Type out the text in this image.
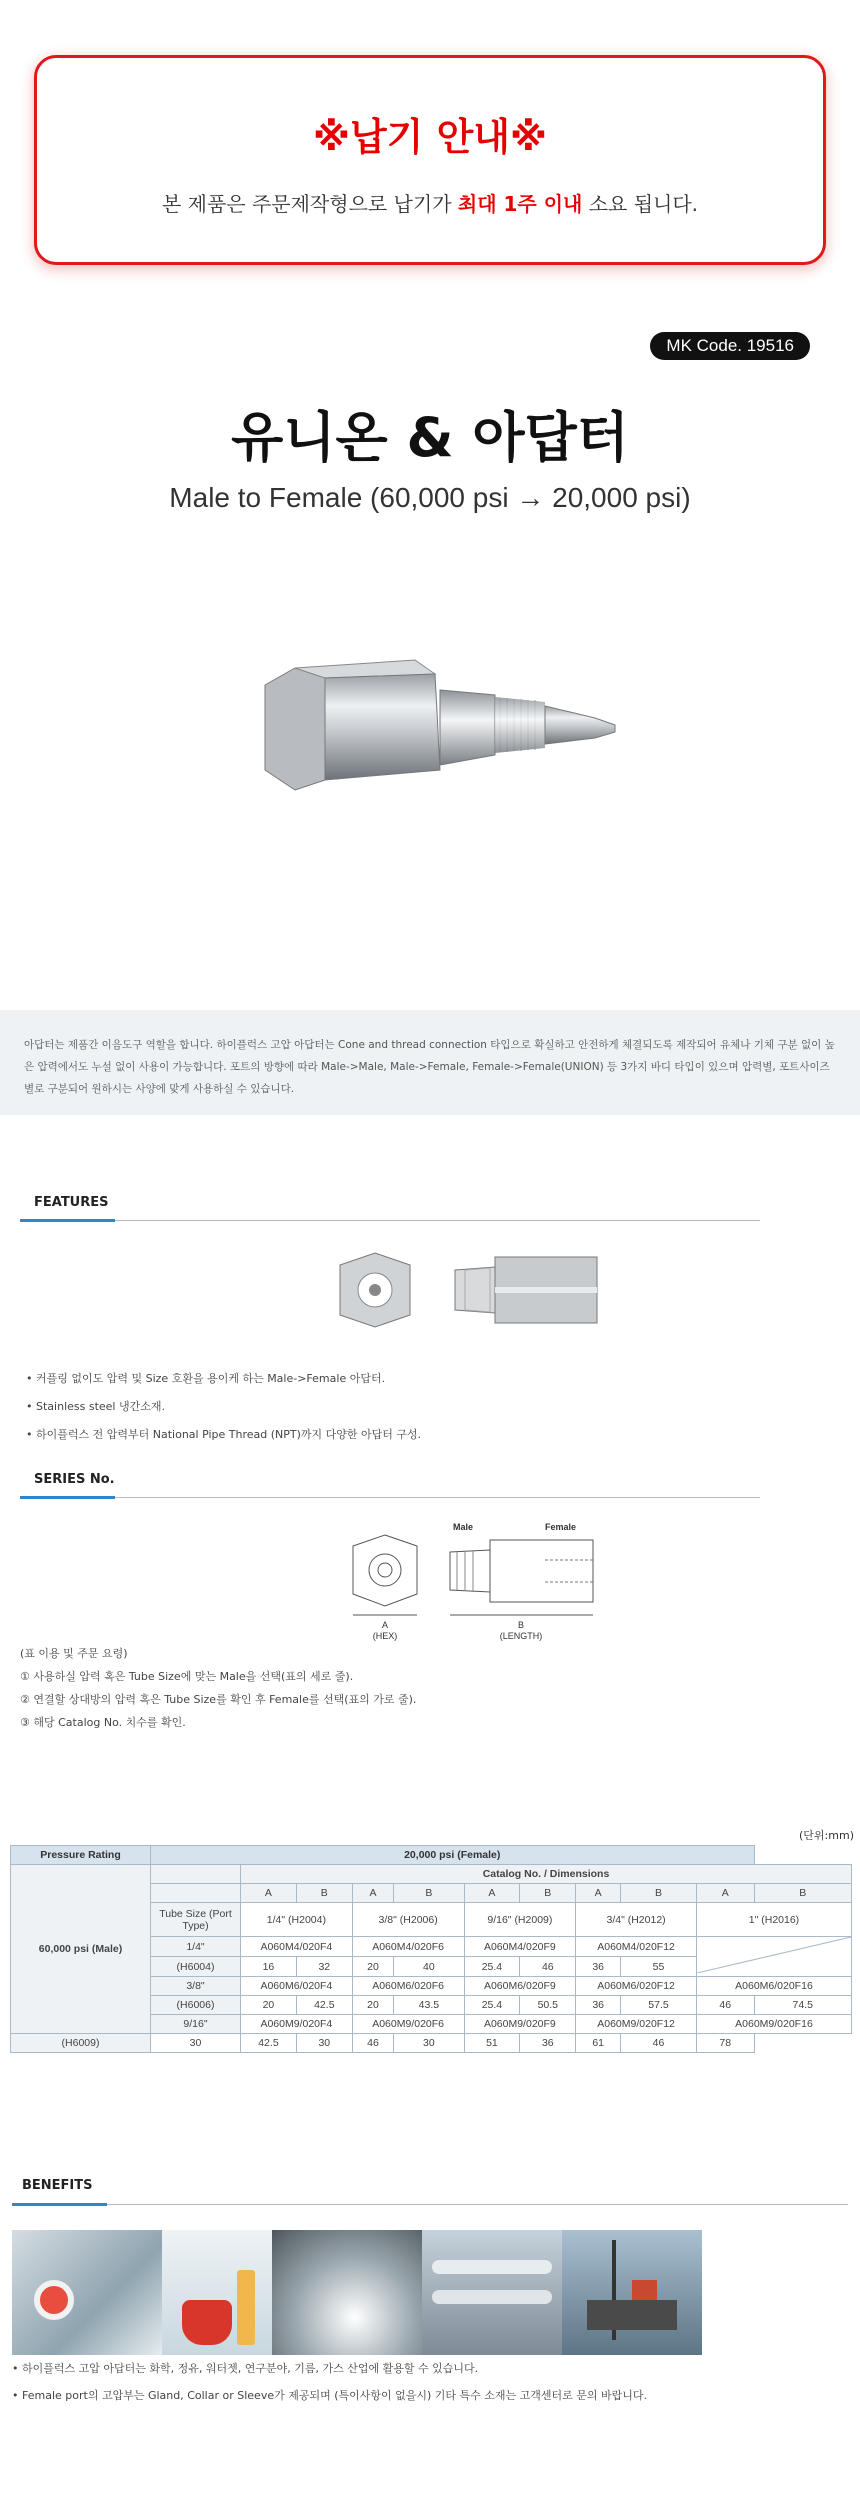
※납기 안내※
본 제품은 주문제작형으로 납기가 최대 1주 이내 소요 됩니다.
MK Code. 19516
유니온 & 아답터
Male to Female (60,000 psi → 20,000 psi)
아답터는 제품간 이음도구 역할을 합니다. 하이플럭스 고압 아답터는 Cone and thread connection 타입으로 확실하고 안전하게 체결되도록 제작되어 유체나 기체 구분 없이 높은 압력에서도 누설 없이 사용이 가능합니다. 포트의 방향에 따라 Male->Male, Male->Female, Female->Female(UNION) 등 3가지 바디 타입이 있으며 압력별, 포트사이즈별로 구분되어 원하시는 사양에 맞게 사용하실 수 있습니다.
FEATURES
• 커플링 없이도 압력 및 Size 호환을 용이케 하는 Male->Female 아답터.
• Stainless steel 냉간소재.
• 하이플럭스 전 압력부터 National Pipe Thread (NPT)까지 다양한 아답터 구성.
SERIES No.
A
(HEX)
Male	Female
B
(LENGTH)
(표 이용 및 주문 요령)
① 사용하실 압력 혹은 Tube Size에 맞는 Male을 선택(표의 세로 줄).
② 연결할 상대방의 압력 혹은 Tube Size를 확인 후 Female를 선택(표의 가로 줄).
③ 해당 Catalog No. 치수를 확인.
(단위:mm)
Pressure Rating	20,000 psi (Female)										
60,000 psi (Male)		Catalog No. / Dimensions									
		A	B	A	B	A	B	A	B	A	B
	Tube Size (Port Type)	1/4" (H2004)		3/8" (H2006)		9/16" (H2009)		3/4" (H2012)		1" (H2016)	
	1/4"	A060M4/020F4		A060M4/020F6		A060M4/020F9		A060M4/020F12	
	(H6004)	16	32	20	40	25.4	46	36	55		
	3/8"	A060M6/020F4		A060M6/020F6		A060M6/020F9		A060M6/020F12		A060M6/020F16	
	(H6006)	20	42.5	20	43.5	25.4	50.5	36	57.5	46	74.5
	9/16"	A060M9/020F4		A060M9/020F6		A060M9/020F9		A060M9/020F12		A060M9/020F16	
(H6009)	30	42.5	30	46	30	51	36	61	46	78	
BENEFITS
• 하이플럭스 고압 아답터는 화학, 정유, 워터젯, 연구분야, 기름, 가스 산업에 활용할 수 있습니다.
• Female port의 고압부는 Gland, Collar or Sleeve가 제공되며 (특이사항이 없을시) 기타 특수 소재는 고객센터로 문의 바랍니다.
